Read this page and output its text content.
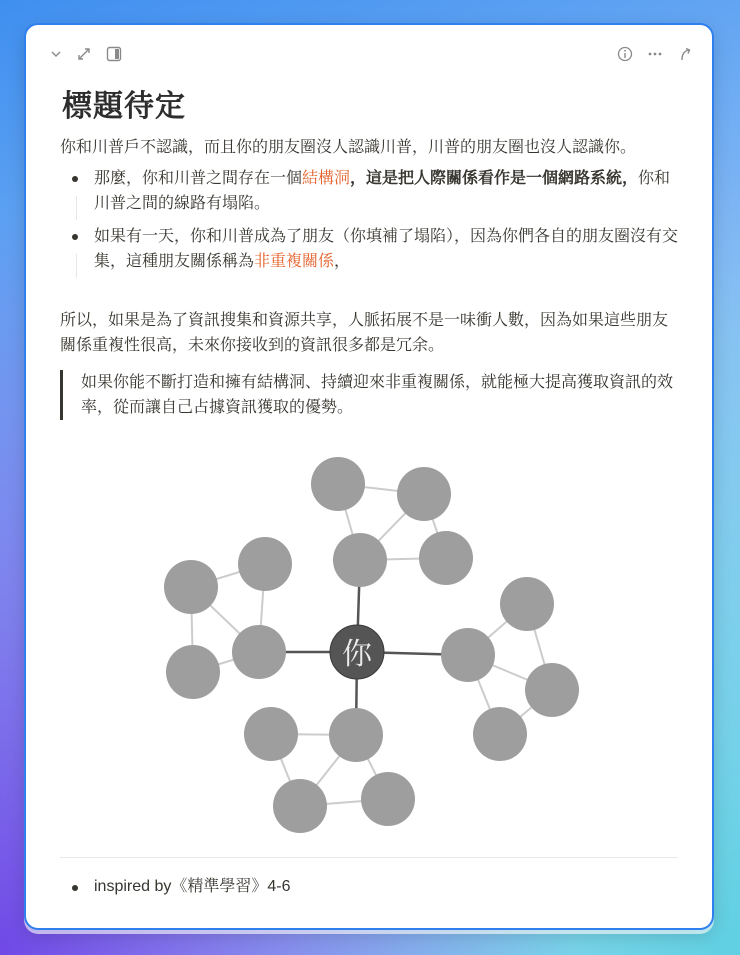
標題待定

你和川普戶不認識，而且你的朋友圈沒人認識川普，川普的朋友圈也沒人認識你。

那麼，你和川普之間存在一個結構洞，這是把人際關係看作是一個網路系統，你和川普之間的線路有塌陷。
如果有一天，你和川普成為了朋友（你填補了塌陷），因為你們各自的朋友圈沒有交集，這種朋友關係稱為非重複關係，

所以，如果是為了資訊搜集和資源共享，人脈拓展不是一味衝人數，因為如果這些朋友關係重複性很高，未來你接收到的資訊很多都是冗余。

如果你能不斷打造和擁有結構洞、持續迎來非重複關係，就能極大提高獲取資訊的效率，從而讓自己占據資訊獲取的優勢。
你
inspired by《精準學習》4-6
